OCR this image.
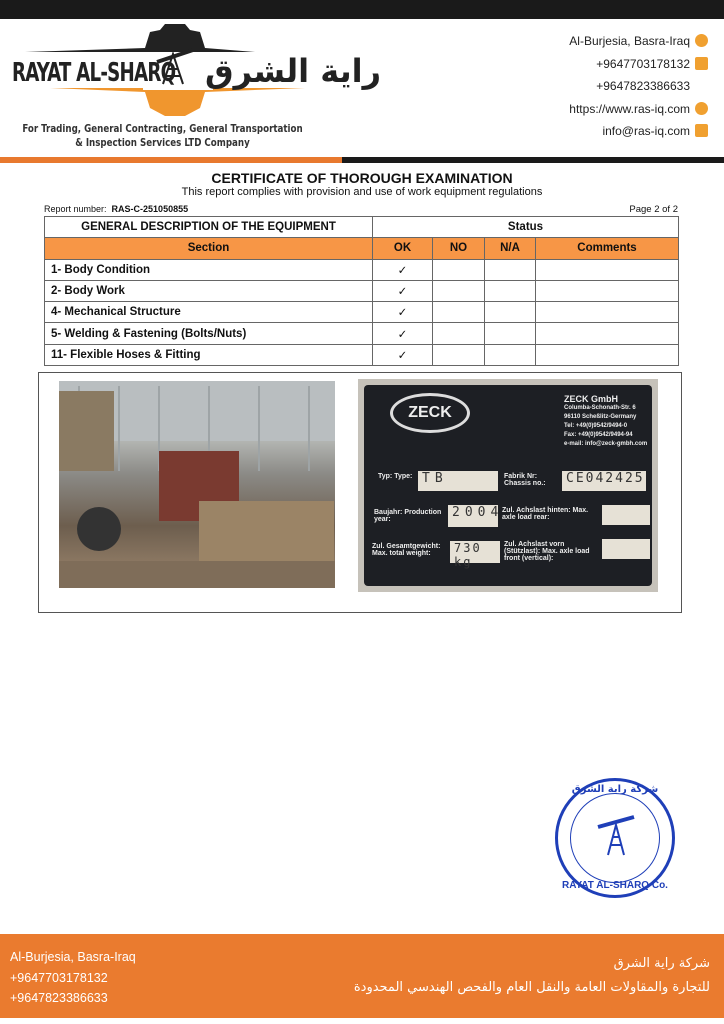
RAYAT AL-SHARQ راية الشرق
For Trading, General Contracting, General Transportation
& Inspection Services LTD Company
Al-Burjesia, Basra-Iraq
+9647703178132
+9647823386633
https://www.ras-iq.com
info@ras-iq.com
CERTIFICATE OF THOROUGH EXAMINATION
This report complies with provision and use of work equipment regulations
Report number: RAS-C-251050855	Page 2 of 2
GENERAL DESCRIPTION OF THE EQUIPMENT	Status			
Section	OK	NO	N/A	Comments
1- Body Condition	✓			
2- Body Work	✓			
4- Mechanical Structure	✓			
5- Welding & Fastening (Bolts/Nuts)	✓			
11- Flexible Hoses & Fitting	✓			
ZECK
ZECK GmbH
Columba-Schonath-Str. 6
96110 Scheßlitz-Germany
Tel: +49(0)9542/9494-0
Fax: +49(0)9542/9494-94
e-mail: info@zeck-gmbh.com
Typ: Type: TB	Fabrik Nr: Chassis no.:	CE042425
Baujahr: Production year:	2004
Zul. Achslast hinten: Max. axle load rear:
Zul. Gesamtgewicht: Max. total weight:	730 kg
Zul. Achslast vorn (Stützlast): Max. axle load front (vertical):
شركة راية الشرق
RAYAT AL-SHARQ Co.
Al-Burjesia, Basra-Iraq
+9647703178132
+9647823386633
شركة راية الشرق
للتجارة والمقاولات العامة والنقل العام والفحص الهندسي المحدودة
